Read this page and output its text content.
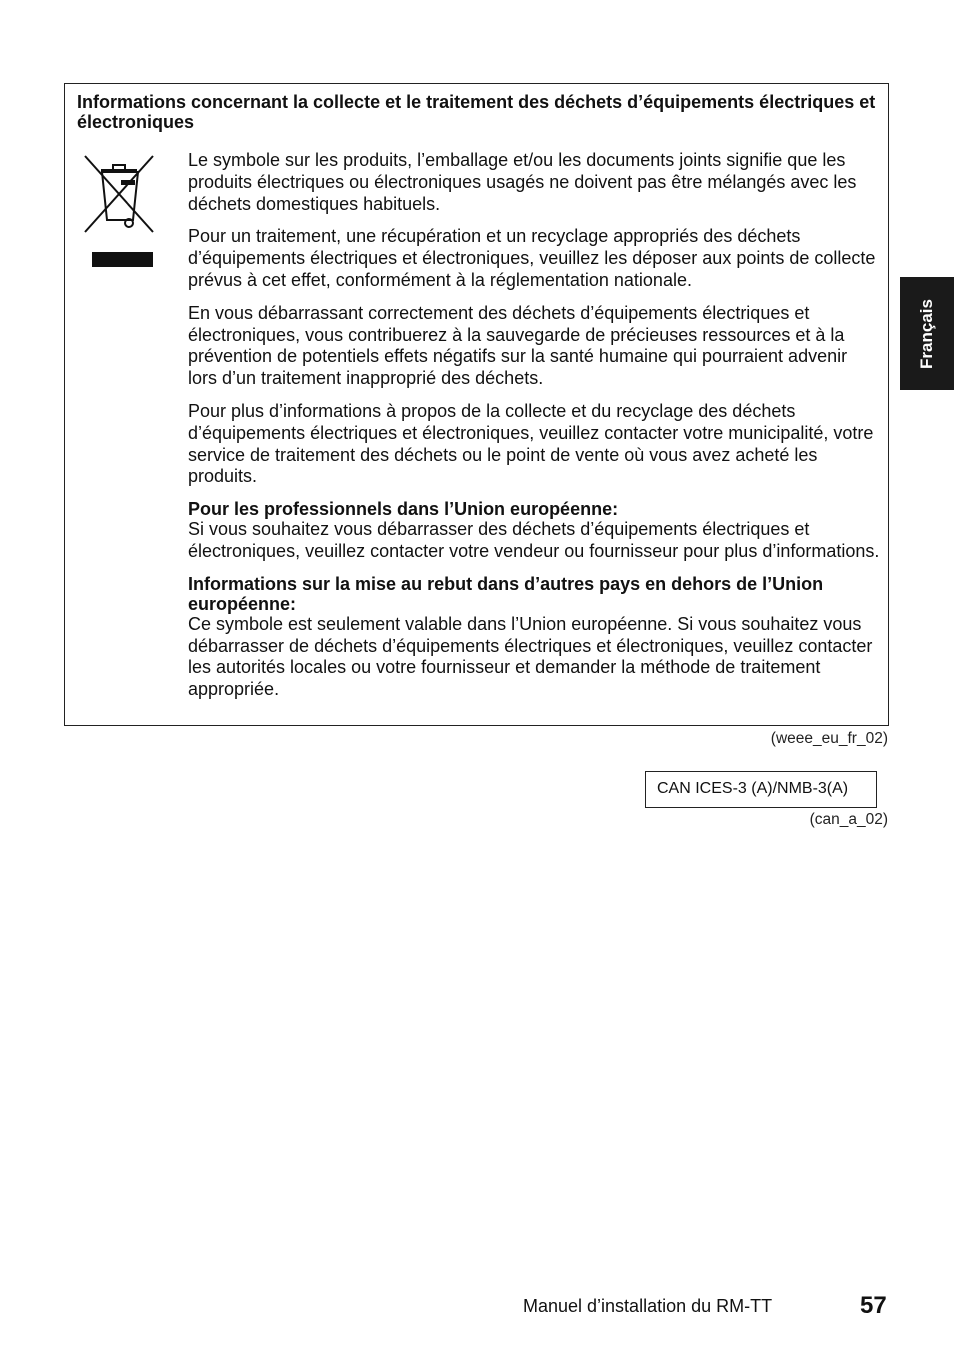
Informations concernant la collecte et le traitement des déchets d’équipements électriques et électroniques

Le symbole sur les produits, l’emballage et/ou les documents joints signifie que les produits électriques ou électroniques usagés ne doivent pas être mélangés avec les déchets domestiques habituels.

Pour un traitement, une récupération et un recyclage appropriés des déchets d’équipements électriques et électroniques, veuillez les déposer aux points de collecte prévus à cet effet, conformément à la réglementation nationale.

En vous débarrassant correctement des déchets d’équipements électriques et électroniques, vous contribuerez à la sauvegarde de précieuses ressources et à la prévention de potentiels effets négatifs sur la santé humaine qui pourraient advenir lors d’un traitement inapproprié des déchets.

Pour plus d’informations à propos de la collecte et du recyclage des déchets d’équipements électriques et électroniques, veuillez contacter votre municipalité, votre service de traitement des déchets ou le point de vente où vous avez acheté les produits.

Pour les professionnels dans l’Union européenne:
Si vous souhaitez vous débarrasser des déchets d’équipements électriques et électroniques, veuillez contacter votre vendeur ou fournisseur pour plus d’informations.
Informations sur la mise au rebut dans d’autres pays en dehors de l’Union européenne:
Ce symbole est seulement valable dans l’Union européenne. Si vous souhaitez vous débarrasser de déchets d’équipements électriques et électroniques, veuillez contacter les autorités locales ou votre fournisseur et demander la méthode de traitement appropriée.
(weee_eu_fr_02)
CAN ICES-3 (A)/NMB-3(A)
(can_a_02)
Français
Manuel d’installation du RM-TT	57
